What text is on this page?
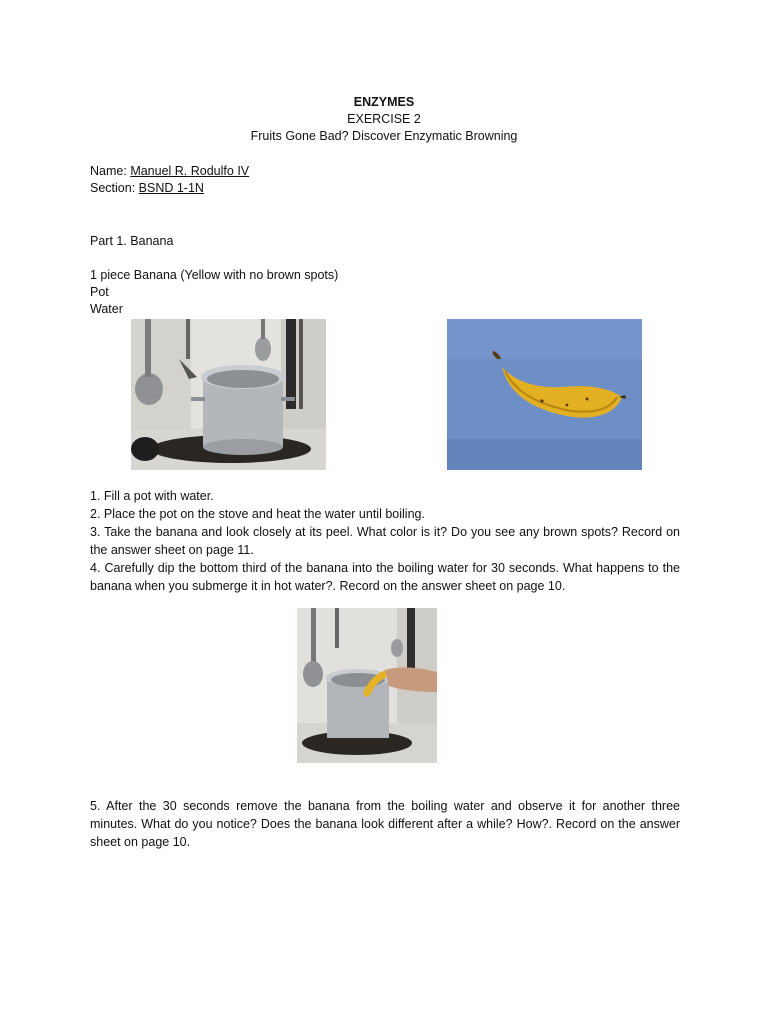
ENZYMES
EXERCISE 2
Fruits Gone Bad? Discover Enzymatic Browning
Name: Manuel R. Rodulfo IV
Section: BSND 1-1N
Part 1. Banana
1 piece Banana (Yellow with no brown spots)
Pot
Water

1. Fill a pot with water.

2. Place the pot on the stove and heat the water until boiling.

3. Take the banana and look closely at its peel. What color is it? Do you see any brown spots? Record on the answer sheet on page 11.

4. Carefully dip the bottom third of the banana into the boiling water for 30 seconds. What happens to the banana when you submerge it in hot water?. Record on the answer sheet on page 10.

5. After the 30 seconds remove the banana from the boiling water and observe it for another three minutes. What do you notice? Does the banana look different after a while? How?. Record on the answer sheet on page 10.
